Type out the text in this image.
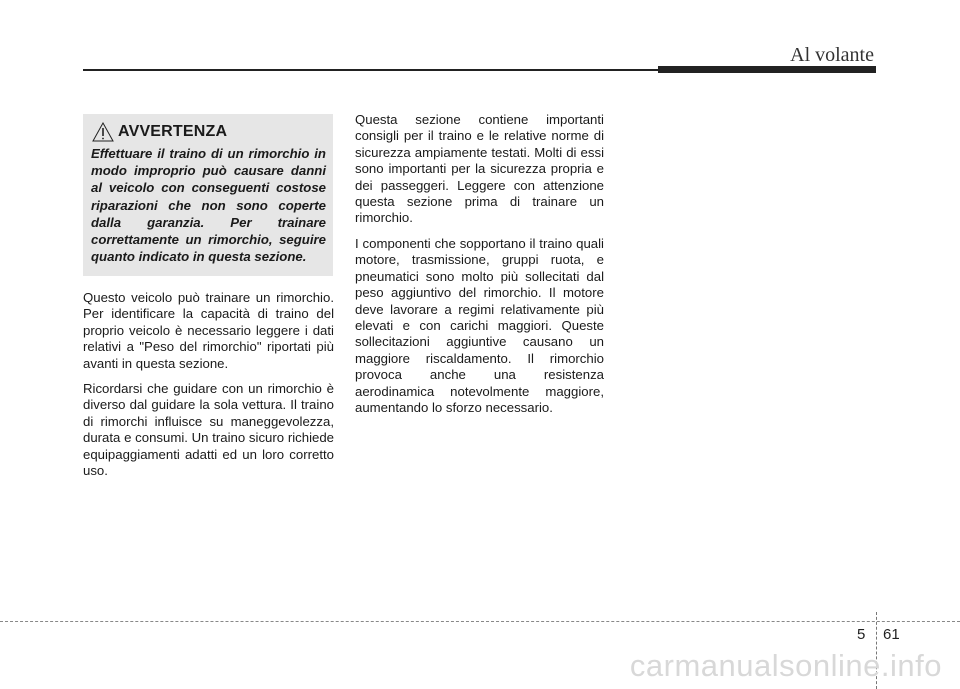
Al volante
AVVERTENZA
Effettuare il traino di un rimorchio in modo improprio può causare danni al veicolo con conseguenti costose riparazioni che non sono coperte dalla garanzia. Per trainare correttamente un rimorchio, seguire quanto indicato in questa sezione.

Questo veicolo può trainare un rimorchio. Per identificare la capacità di traino del proprio veicolo è necessario leggere i dati relativi a "Peso del rimorchio" riportati più avanti in questa sezione.

Ricordarsi che guidare con un rimorchio è diverso dal guidare la sola vettura. Il traino di rimorchi influisce su maneggevolezza, durata e consumi. Un traino sicuro richiede equipaggiamenti adatti ed un loro corretto uso.

Questa sezione contiene importanti consigli per il traino e le relative norme di sicurezza ampiamente testati. Molti di essi sono importanti per la sicurezza propria e dei passeggeri. Leggere con attenzione questa sezione prima di trainare un rimorchio.

I componenti che sopportano il traino quali motore, trasmissione, gruppi ruota, e pneumatici sono molto più sollecitati dal peso aggiuntivo del rimorchio. Il motore deve lavorare a regimi relativamente più elevati e con carichi maggiori. Queste sollecitazioni aggiuntive causano un maggiore riscaldamento. Il rimorchio provoca anche una resistenza aerodinamica notevolmente maggiore, aumentando lo sforzo necessario.

5 61
carmanualsonline.info
